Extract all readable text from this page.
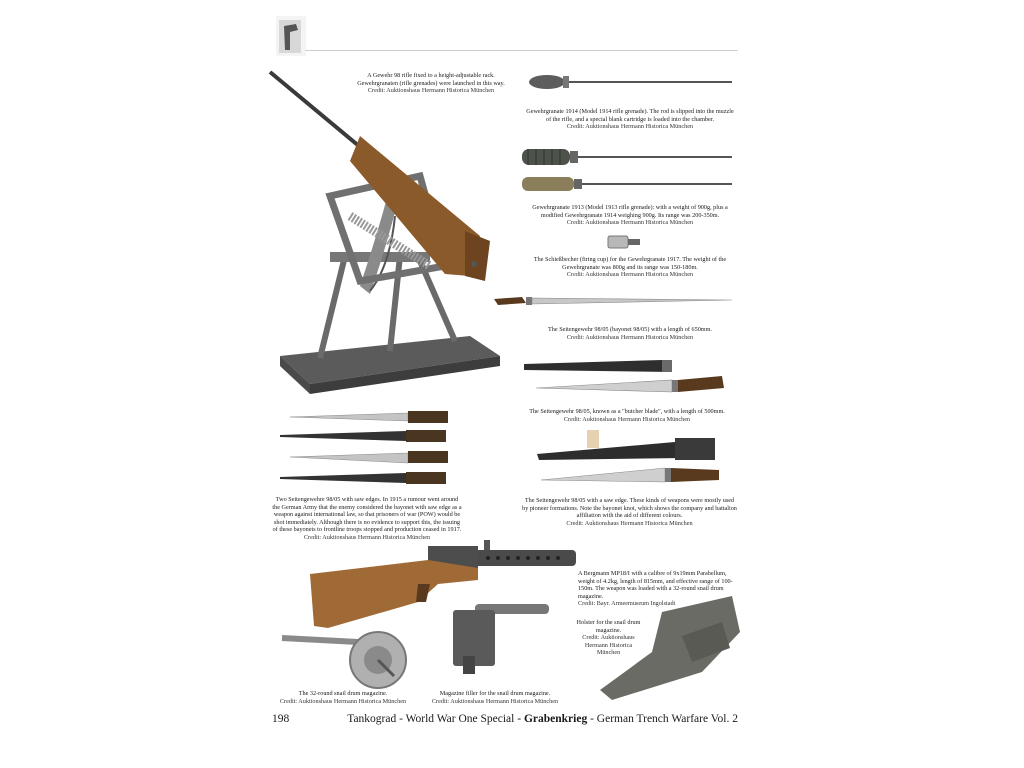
A Gewehr 98 rifle fixed to a height-adjustable rack. Gewehrgranaten (rifle grenades) were launched in this way.
Credit: Auktionshaus Hermann Historica München
Gewehrgranate 1914 (Model 1914 rifle grenade). The rod is slipped into the muzzle of the rifle, and a special blank cartridge is loaded into the chamber.
Credit: Auktionshaus Hermann Historica München
Gewehrgranate 1913 (Model 1913 rifle grenade): with a weight of 900g, plus a modified Gewehrgranate 1914 weighing 900g. Its range was 200-350m.
Credit: Auktionshaus Hermann Historica München
The Schießbecher (firing cup) for the Gewehrgranate 1917. The weight of the Gewehrgranate was 800g and its range was 150-180m.
Credit: Auktionshaus Hermann Historica München
The Seitengewehr 98/05 (bayonet 98/05) with a length of 650mm.
Credit: Auktionshaus Hermann Historica München
The Seitengewehr 98/05, known as a "butcher blade", with a length of 500mm.
Credit: Auktionshaus Hermann Historica München
Two Seitengewehre 98/05 with saw edges. In 1915 a rumour went around the German Army that the enemy considered the bayonet with saw edge as a weapon against international law, so that prisoners of war (POW) would be shot immediately. Although there is no evidence to support this, the issuing of these bayonets to frontline troops stopped and production ceased in 1917.
Credit: Auktionshaus Hermann Historica München
The Seitengewehr 98/05 with a saw edge. These kinds of weapons were mostly used by pioneer formations. Note the bayonet knot, which shows the company and battalion affiliation with the aid of different colours.
Credit: Auktionshaus Hermann Historica München
A Bergmann MP18/I with a calibre of 9x19mm Parabellum, weight of 4.2kg, length of 815mm, and effective range of 100-150m. The weapon was loaded with a 32-round snail drum magazine.
Credit: Bayr. Armeemuseum Ingolstadt
Holster for the snail drum magazine.
Credit: Auktionshaus Hermann Historica München
The 32-round snail drum magazine.
Credit: Auktionshaus Hermann Historica München
Magazine filler for the snail drum magazine.
Credit: Auktionshaus Hermann Historica München
198	Tankograd - World War One Special - Grabenkrieg - German Trench Warfare Vol. 2
